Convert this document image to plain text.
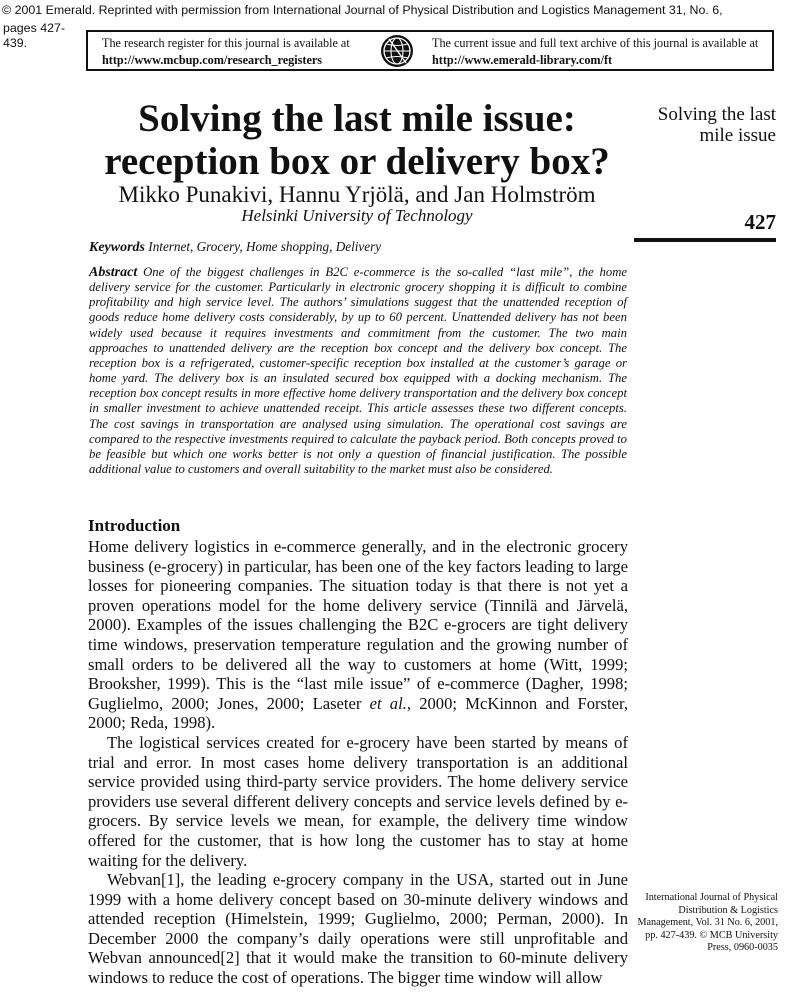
© 2001 Emerald. Reprinted with permission from International Journal of Physical Distribution and Logistics Management 31, No. 6,
pages 427-
439.	The research register for this journal is available at
http://www.mcbup.com/research_registers
The current issue and full text archive of this journal is available at
http://www.emerald-library.com/ft
Solving the last mile issue:
reception box or delivery box?
Mikko Punakivi, Hannu Yrjölä, and Jan Holmström
Helsinki University of Technology
Keywords Internet, Grocery, Home shopping, Delivery
Abstract One of the biggest challenges in B2C e-commerce is the so-called “last mile”, the home delivery service for the customer. Particularly in electronic grocery shopping it is difficult to combine profitability and high service level. The authors’ simulations suggest that the unattended reception of goods reduce home delivery costs considerably, by up to 60 percent. Unattended delivery has not been widely used because it requires investments and commitment from the customer. The two main approaches to unattended delivery are the reception box concept and the delivery box concept. The reception box is a refrigerated, customer-specific reception box installed at the customer’s garage or home yard. The delivery box is an insulated secured box equipped with a docking mechanism. The reception box concept results in more effective home delivery transportation and the delivery box concept in smaller investment to achieve unattended receipt. This article assesses these two different concepts. The cost savings in transportation are analysed using simulation. The operational cost savings are compared to the respective investments required to calculate the payback period. Both concepts proved to be feasible but which one works better is not only a question of financial justification. The possible additional value to customers and overall suitability to the market must also be considered.
Introduction

Home delivery logistics in e-commerce generally, and in the electronic grocery business (e-grocery) in particular, has been one of the key factors leading to large losses for pioneering companies. The situation today is that there is not yet a proven operations model for the home delivery service (Tinnilä and Järvelä, 2000). Examples of the issues challenging the B2C e-grocers are tight delivery time windows, preservation temperature regulation and the growing number of small orders to be delivered all the way to customers at home (Witt, 1999; Brooksher, 1999). This is the “last mile issue” of e-commerce (Dagher, 1998; Guglielmo, 2000; Jones, 2000; Laseter et al., 2000; McKinnon and Forster, 2000; Reda, 1998).

The logistical services created for e-grocery have been started by means of trial and error. In most cases home delivery transportation is an additional service provided using third-party service providers. The home delivery service providers use several different delivery concepts and service levels defined by e-grocers. By service levels we mean, for example, the delivery time window offered for the customer, that is how long the customer has to stay at home waiting for the delivery.

Webvan[1], the leading e-grocery company in the USA, started out in June 1999 with a home delivery concept based on 30-minute delivery windows and attended reception (Himelstein, 1999; Guglielmo, 2000; Perman, 2000). In December 2000 the company’s daily operations were still unprofitable and Webvan announced[2] that it would make the transition to 60-minute delivery windows to reduce the cost of operations. The bigger time window will allow

Solving the last
mile issue
427
International Journal of Physical
Distribution & Logistics
Management, Vol. 31 No. 6, 2001,
pp. 427-439. © MCB University
Press, 0960-0035
